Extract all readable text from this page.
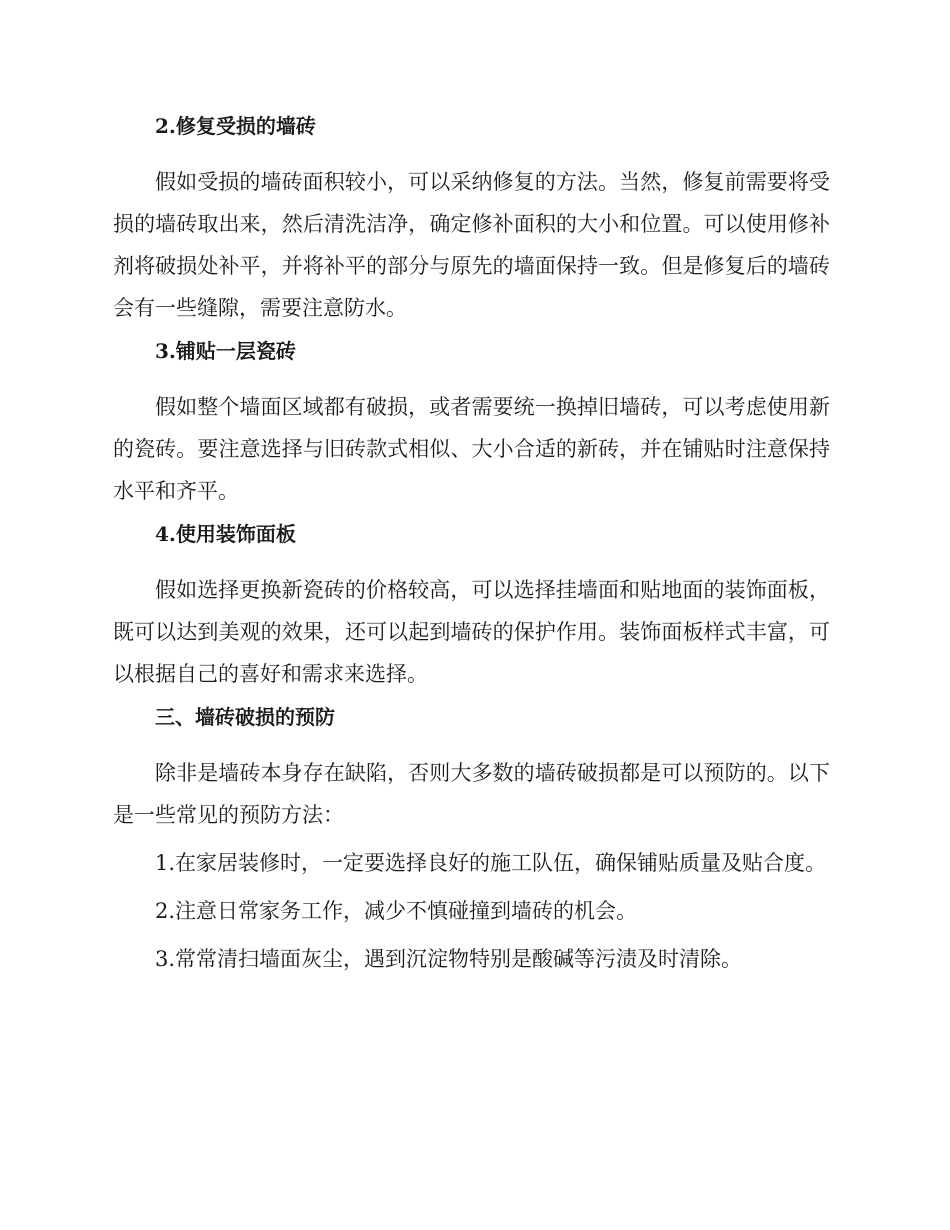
2.修复受损的墙砖
假如受损的墙砖面积较小，可以采纳修复的方法。当然，修复前需要将受损的墙砖取出来，然后清洗洁净，确定修补面积的大小和位置。可以使用修补剂将破损处补平，并将补平的部分与原先的墙面保持一致。但是修复后的墙砖会有一些缝隙，需要注意防水。
3.铺贴一层瓷砖
假如整个墙面区域都有破损，或者需要统一换掉旧墙砖，可以考虑使用新的瓷砖。要注意选择与旧砖款式相似、大小合适的新砖，并在铺贴时注意保持水平和齐平。
4.使用装饰面板
假如选择更换新瓷砖的价格较高，可以选择挂墙面和贴地面的装饰面板，既可以达到美观的效果，还可以起到墙砖的保护作用。装饰面板样式丰富，可以根据自己的喜好和需求来选择。
三、墙砖破损的预防
除非是墙砖本身存在缺陷，否则大多数的墙砖破损都是可以预防的。以下是一些常见的预防方法：
1.在家居装修时，一定要选择良好的施工队伍，确保铺贴质量及贴合度。
2.注意日常家务工作，减少不慎碰撞到墙砖的机会。
3.常常清扫墙面灰尘，遇到沉淀物特别是酸碱等污渍及时清除。
